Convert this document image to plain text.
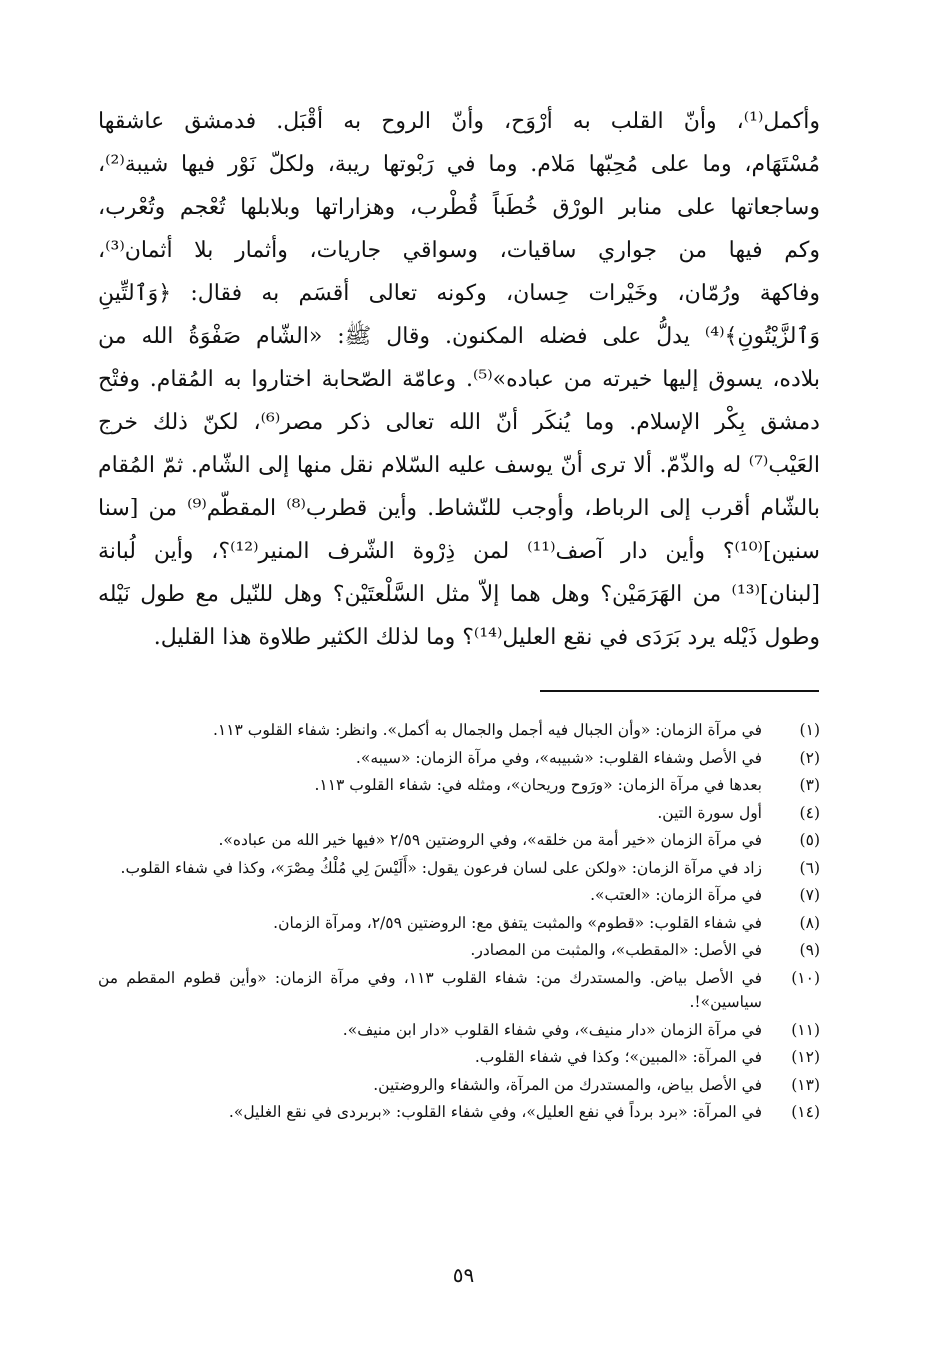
وأكمل⁽¹⁾، وأنّ القلب به أرْوَح، وأنّ الروح به أقْبَل. فدمشق عاشقها
مُسْتَهَام، وما على مُحِبّها مَلام. وما في رَبْوتها ريبة، ولكلّ نَوْر فيها شيبة⁽²⁾،
وساجعاتها على منابر الورْق خُطَباً قُطْرب، وهزاراتها وبلابلها تُعْجم وتُعْرب،
وكم فيها من جواري ساقيات، وسواقي جاريات، وأثمار بلا أثمان⁽³⁾،
وفاكهة ورُمّان، وخَيْرات حِسان، وكونه تعالى أقسَم به فقال: ﴿وَٱلتِّينِ
وَٱلزَّيْتُونِ﴾⁽⁴⁾ يدلُّ على فضله المكنون. وقال ﷺ: «الشّام صَفْوَةُ الله من
بلاده، يسوق إليها خيرته من عباده»⁽⁵⁾. وعامّة الصّحابة اختاروا به المُقام. وفتْح
دمشق بِكْر الإسلام. وما يُنكَر أنّ الله تعالى ذكر مصر⁽⁶⁾، لكنّ ذلك خرج
العَيْب⁽⁷⁾ له والذّمّ. ألا ترى أنّ يوسف عليه السّلام نقل منها إلى الشّام. ثمّ المُقام
بالشّام أقرب إلى الرباط، وأوجب للنّشاط. وأين قطرب⁽⁸⁾ المقطّم⁽⁹⁾ من [سنا
سنين]⁽¹⁰⁾؟ وأين دار آصف⁽¹¹⁾ لمن ذِرْوة الشّرف المنير⁽¹²⁾؟، وأين لُبانة
[لبنان]⁽¹³⁾ من الهَرَمَيْن؟ وهل هما إلاّ مثل السَّلْعتَيْن؟ وهل للنّيل مع طول نَيْله
وطول ذَيْله يرد بَرَدَى في نقع العليل⁽¹⁴⁾؟ وما لذلك الكثير طلاوة هذا القليل.
(١)
في مرآة الزمان: «وأن الجبال فيه أجمل والجمال به أكمل». وانظر: شفاء القلوب ١١٣.
(٢)
في الأصل وشفاء القلوب: «شبيبه»، وفي مرآة الزمان: «سيبه».
(٣)
بعدها في مرآة الزمان: «ورَوح وريحان»، ومثله في: شفاء القلوب ١١٣.
(٤)
أول سورة التين.
(٥)
في مرآة الزمان «خير أمة من خلقه»، وفي الروضتين ٢/٥٩ «فيها خير الله من عباده».
(٦)
زاد في مرآة الزمان: «ولكن على لسان فرعون يقول: «أَلَيْسَ لِي مُلْكُ مِصْرَ»، وكذا في شفاء القلوب.
(٧)
في مرآة الزمان: «العتب».
(٨)
في شفاء القلوب: «قطوم» والمثبت يتفق مع: الروضتين ٢/٥٩، ومرآة الزمان.
(٩)
في الأصل: «المقطب»، والمثبت من المصادر.
(١٠)
في الأصل بياض. والمستدرك من: شفاء القلوب ١١٣، وفي مرآة الزمان: «وأين قطوم المقطم من سياسين»!.
(١١)
في مرآة الزمان «دار منيف»، وفي شفاء القلوب «دار ابن منيف».
(١٢)
في المرآة: «المبين»؛ وكذا في شفاء القلوب.
(١٣)
في الأصل بياض، والمستدرك من المرآة، والشفاء والروضتين.
(١٤)
في المرآة: «برد برداً في نفع العليل»، وفي شفاء القلوب: «بربردى في نقع الغليل».
٥٩
